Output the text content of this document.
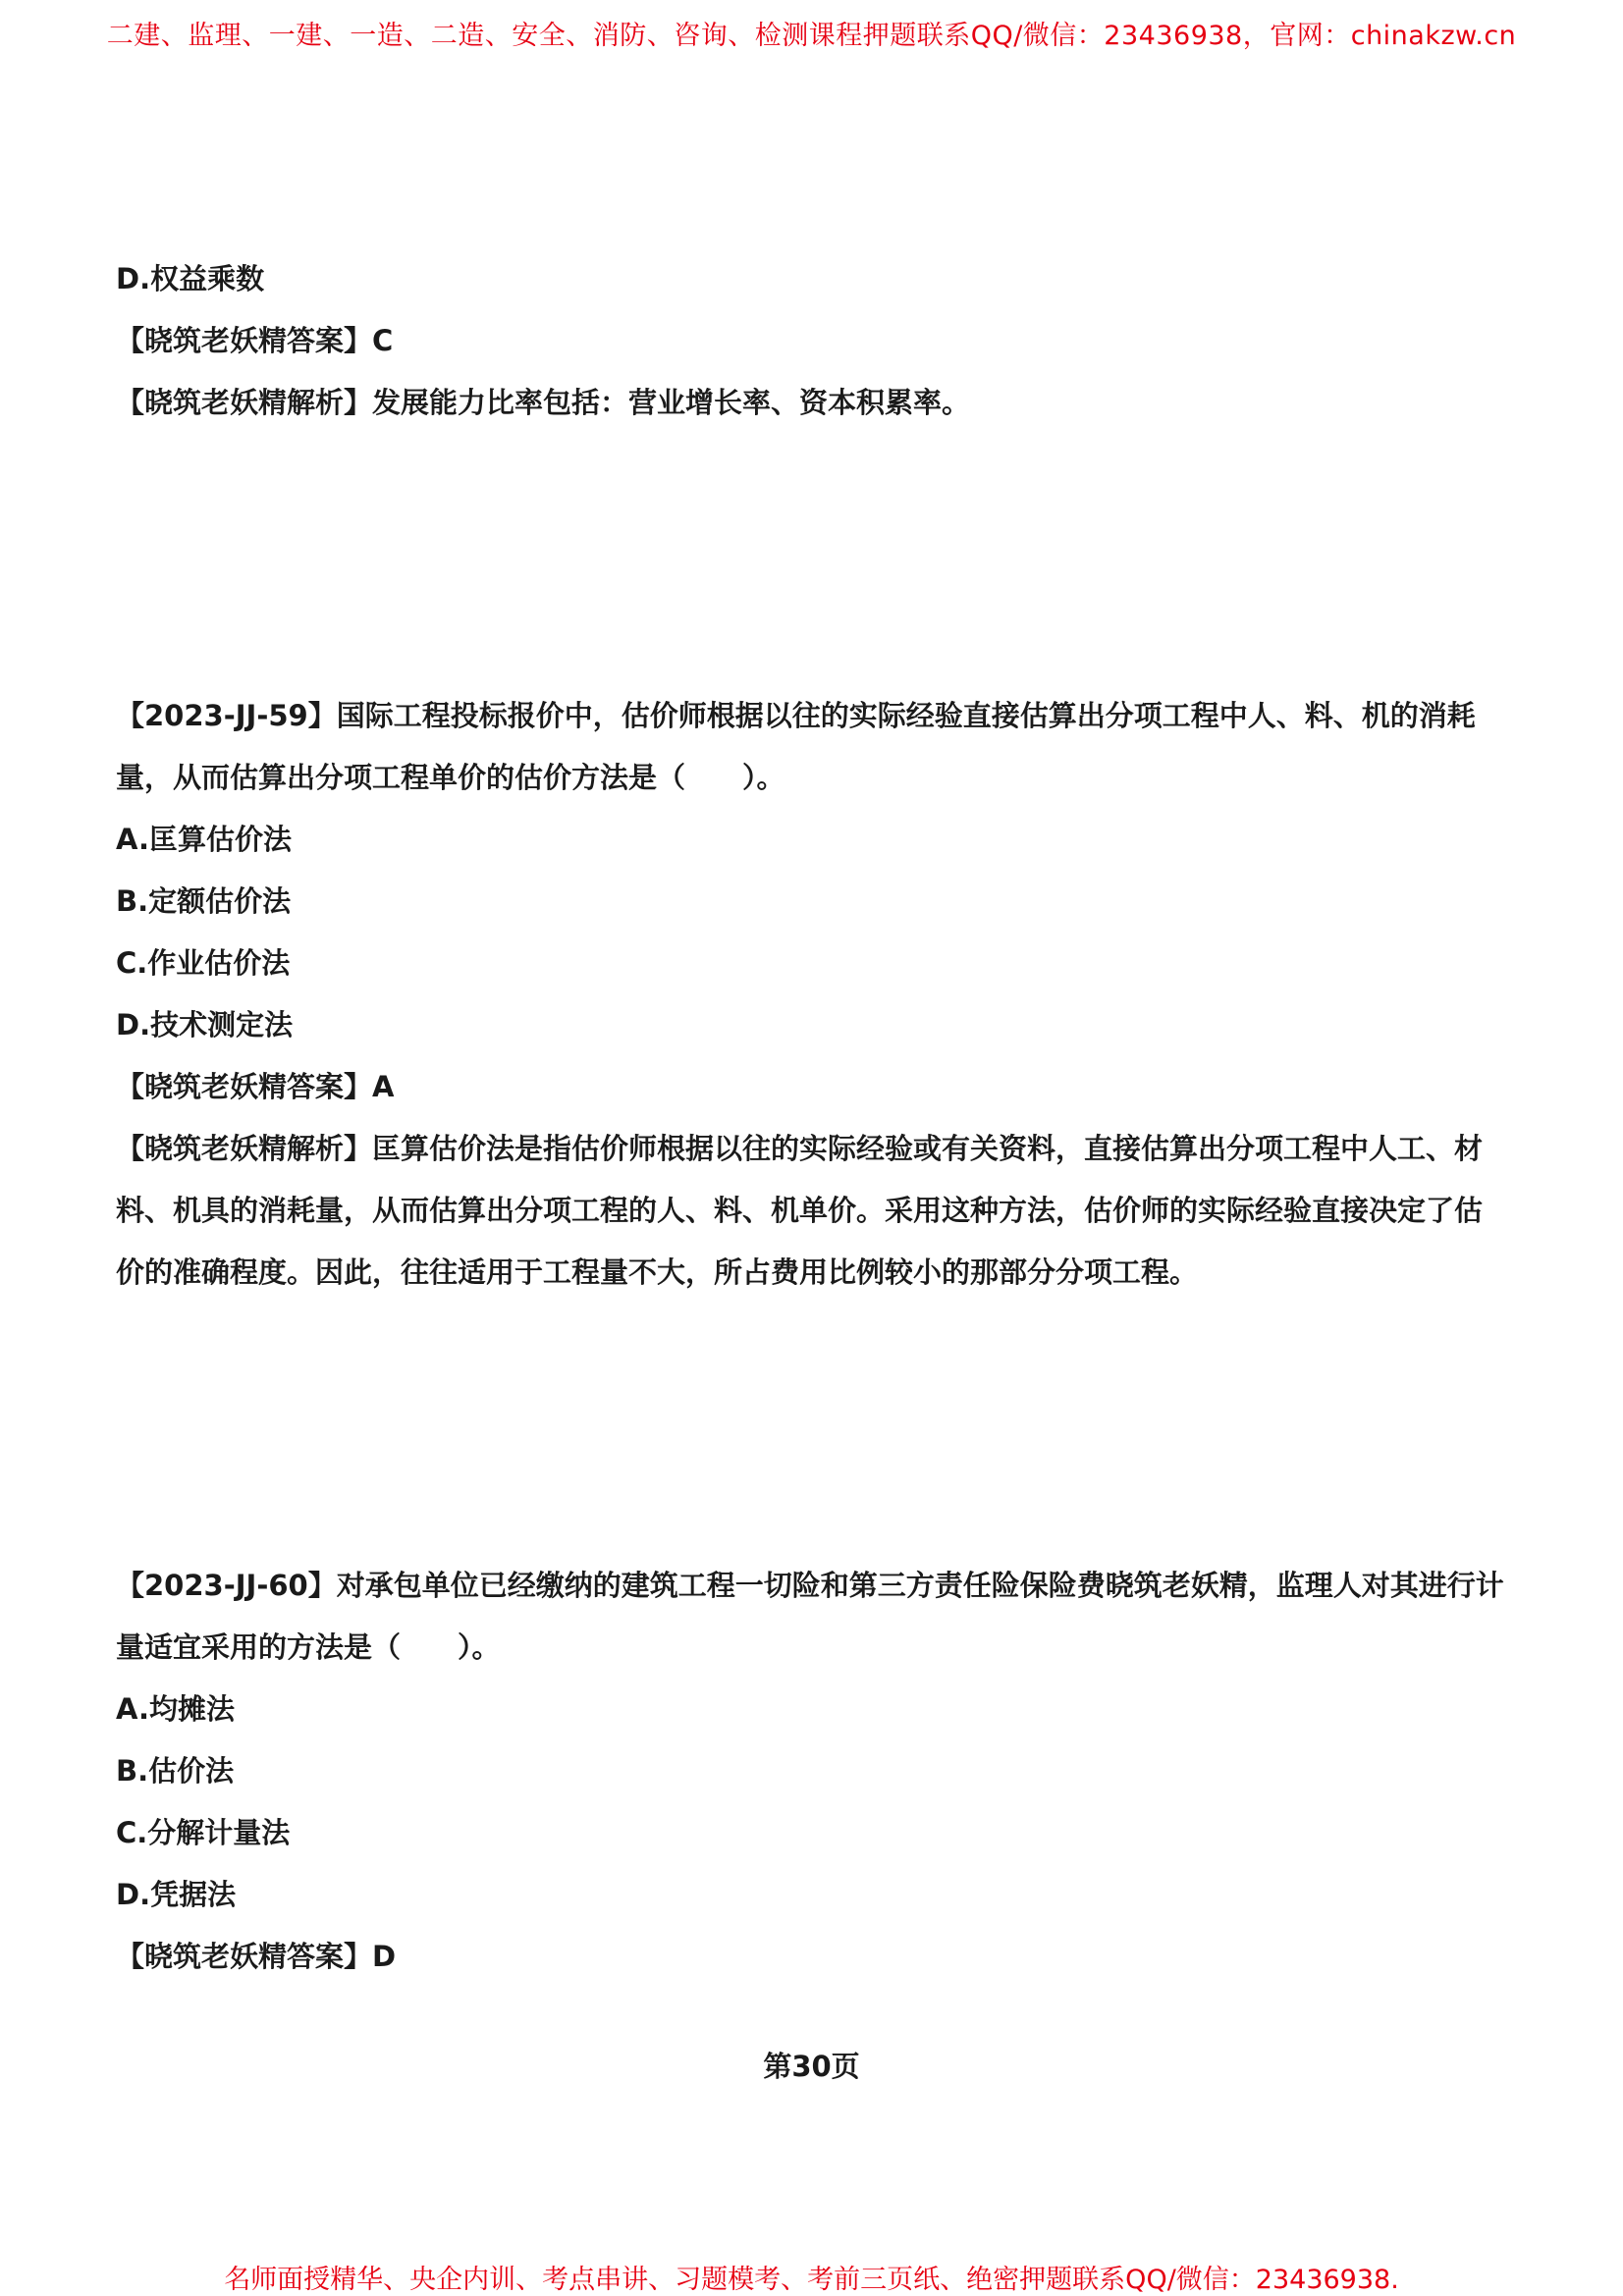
二建、监理、一建、一造、二造、安全、消防、咨询、检测课程押题联系QQ/微信：23436938，官网：chinakzw.cn
D.权益乘数
【晓筑老妖精答案】C
【晓筑老妖精解析】发展能力比率包括：营业增长率、资本积累率。
【2023-JJ-59】国际工程投标报价中，估价师根据以往的实际经验直接估算出分项工程中人、料、机的消耗
量，从而估算出分项工程单价的估价方法是（　　）。
A.匡算估价法
B.定额估价法
C.作业估价法
D.技术测定法
【晓筑老妖精答案】A
【晓筑老妖精解析】匡算估价法是指估价师根据以往的实际经验或有关资料，直接估算出分项工程中人工、材
料、机具的消耗量，从而估算出分项工程的人、料、机单价。采用这种方法，估价师的实际经验直接决定了估
价的准确程度。因此，往往适用于工程量不大，所占费用比例较小的那部分分项工程。
【2023-JJ-60】对承包单位已经缴纳的建筑工程一切险和第三方责任险保险费晓筑老妖精，监理人对其进行计
量适宜采用的方法是（　　）。
A.均摊法
B.估价法
C.分解计量法
D.凭据法
【晓筑老妖精答案】D
第30页
名师面授精华、央企内训、考点串讲、习题模考、考前三页纸、绝密押题联系QQ/微信：23436938.
